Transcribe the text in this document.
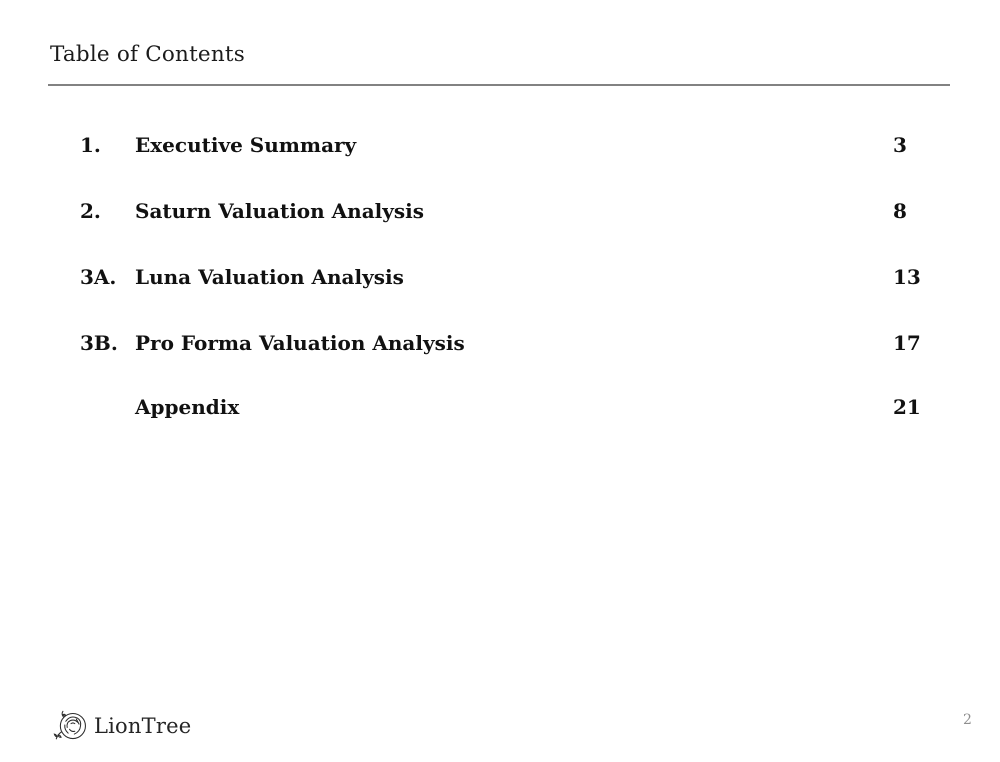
Table of Contents
1.	Executive Summary	3
2.	Saturn Valuation Analysis	8
3A. Luna Valuation Analysis	13
3B. Pro Forma Valuation Analysis	17
Appendix	21
LionTree	2
